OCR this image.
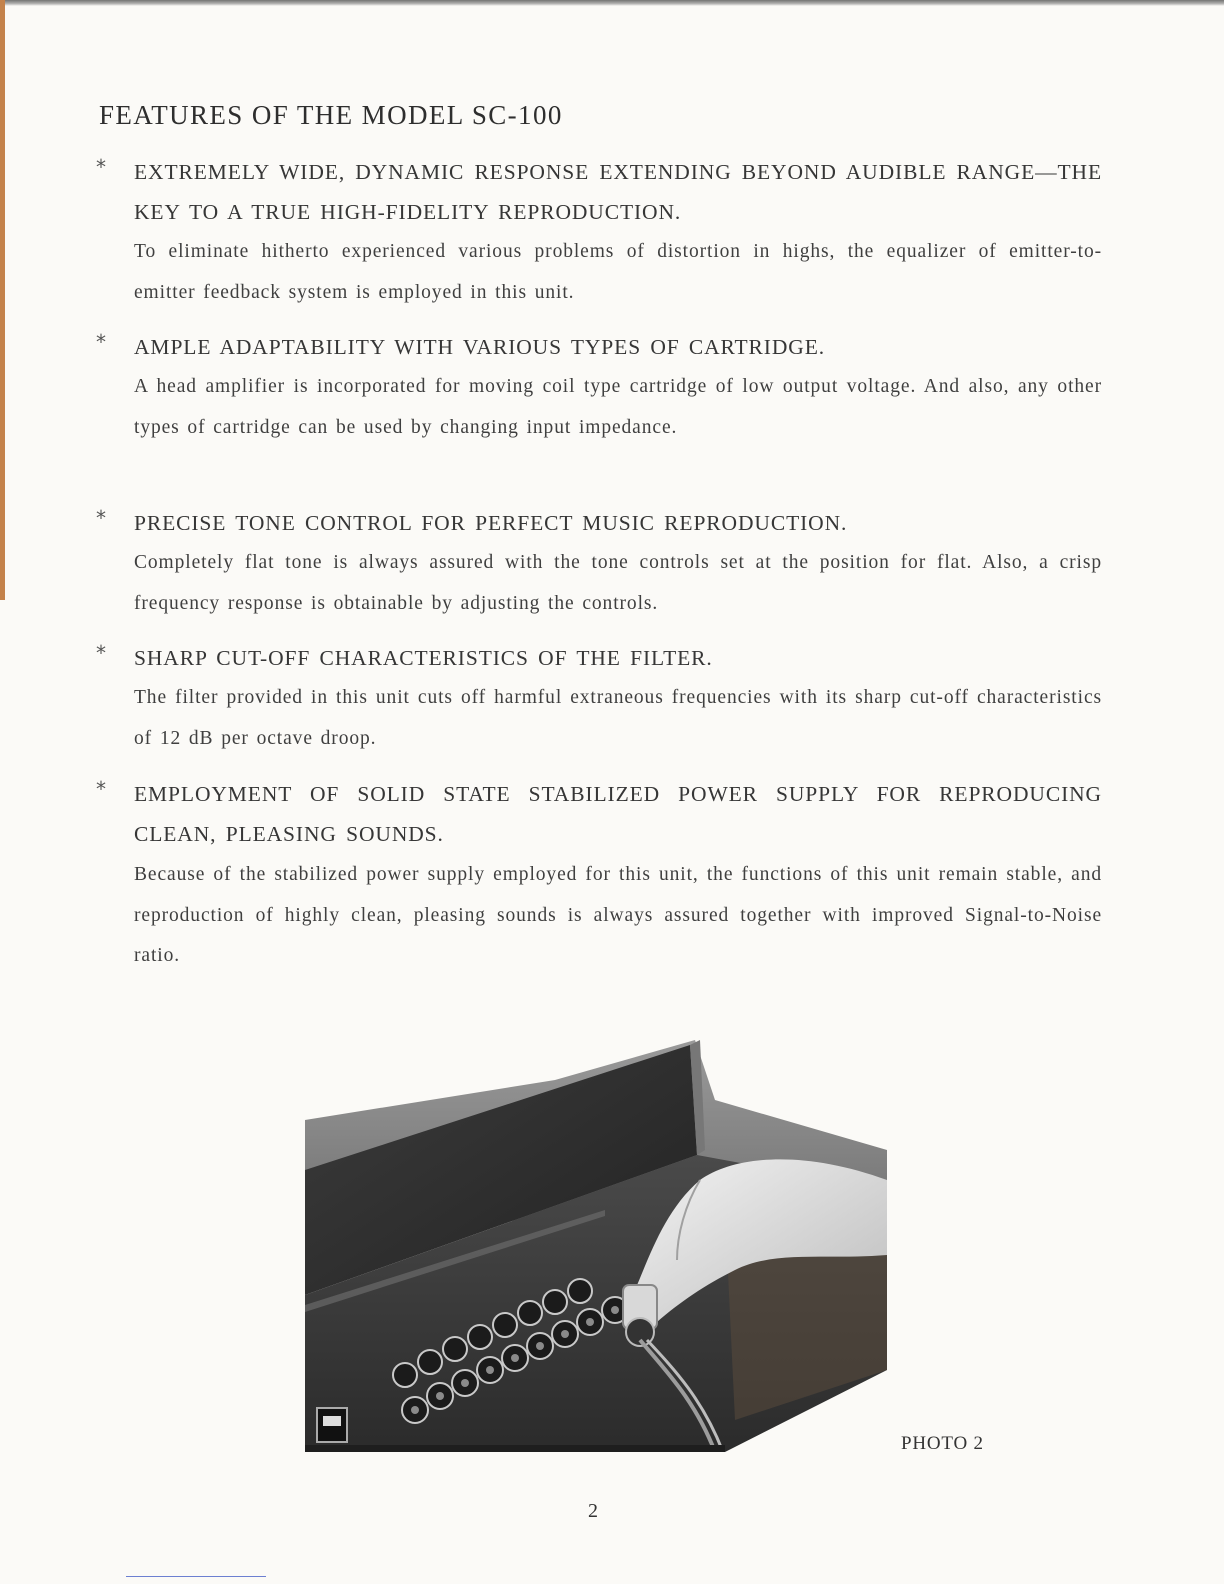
FEATURES OF THE MODEL SC-100
* EXTREMELY WIDE, DYNAMIC RESPONSE EXTENDING BEYOND AUDIBLE RANGE—THE KEY TO A TRUE HIGH-FIDELITY REPRODUCTION.

To eliminate hitherto experienced various problems of distortion in highs, the equalizer of emitter-to-emitter feedback system is employed in this unit.

* AMPLE ADAPTABILITY WITH VARIOUS TYPES OF CARTRIDGE.

A head amplifier is incorporated for moving coil type cartridge of low output voltage. And also, any other types of cartridge can be used by changing input impedance.

* PRECISE TONE CONTROL FOR PERFECT MUSIC REPRODUCTION.

Completely flat tone is always assured with the tone controls set at the position for flat. Also, a crisp frequency response is obtainable by adjusting the controls.

* SHARP CUT-OFF CHARACTERISTICS OF THE FILTER.

The filter provided in this unit cuts off harmful extraneous frequencies with its sharp cut-off characteristics of 12 dB per octave droop.

* EMPLOYMENT OF SOLID STATE STABILIZED POWER SUPPLY FOR REPRODUCING CLEAN, PLEASING SOUNDS.

Because of the stabilized power supply employed for this unit, the functions of this unit remain stable, and reproduction of highly clean, pleasing sounds is always assured together with improved Signal-to-Noise ratio.

PHOTO 2
2
